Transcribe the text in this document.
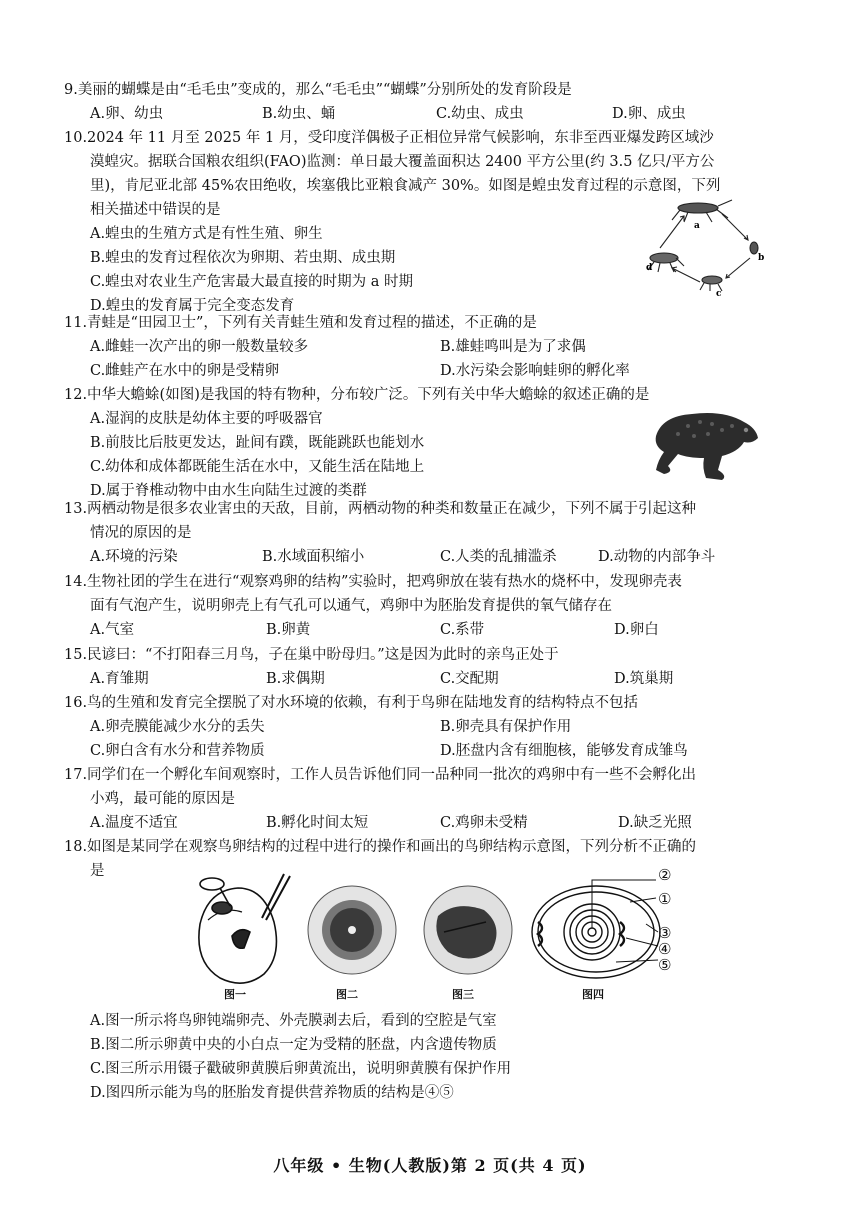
9.美丽的蝴蝶是由“毛毛虫”变成的，那么“毛毛虫”“蝴蝶”分别所处的发育阶段是
A.卵、幼虫	B.幼虫、蛹	C.幼虫、成虫	D.卵、成虫
10.2024 年 11 月至 2025 年 1 月，受印度洋偶极子正相位异常气候影响，东非至西亚爆发跨区域沙
漠蝗灾。据联合国粮农组织(FAO)监测：单日最大覆盖面积达 2400 平方公里(约 3.5 亿只/平方公
里)，肯尼亚北部 45%农田绝收，埃塞俄比亚粮食减产 30%。如图是蝗虫发育过程的示意图，下列
相关描述中错误的是
A.蝗虫的生殖方式是有性生殖、卵生
B.蝗虫的发育过程依次为卵期、若虫期、成虫期
C.蝗虫对农业生产危害最大最直接的时期为 a 时期
D.蝗虫的发育属于完全变态发育
a
b
c
d
11.青蛙是“田园卫士”，下列有关青蛙生殖和发育过程的描述，不正确的是
A.雌蛙一次产出的卵一般数量较多	B.雄蛙鸣叫是为了求偶
C.雌蛙产在水中的卵是受精卵	D.水污染会影响蛙卵的孵化率
12.中华大蟾蜍(如图)是我国的特有物种，分布较广泛。下列有关中华大蟾蜍的叙述正确的是
A.湿润的皮肤是幼体主要的呼吸器官
B.前肢比后肢更发达，趾间有蹼，既能跳跃也能划水
C.幼体和成体都既能生活在水中，又能生活在陆地上
D.属于脊椎动物中由水生向陆生过渡的类群
13.两栖动物是很多农业害虫的天敌，目前，两栖动物的种类和数量正在减少，下列不属于引起这种
情况的原因的是
A.环境的污染	B.水域面积缩小	C.人类的乱捕滥杀	D.动物的内部争斗
14.生物社团的学生在进行“观察鸡卵的结构”实验时，把鸡卵放在装有热水的烧杯中，发现卵壳表
面有气泡产生，说明卵壳上有气孔可以通气，鸡卵中为胚胎发育提供的氧气储存在
A.气室	B.卵黄	C.系带	D.卵白
15.民谚曰：“不打阳春三月鸟，子在巢中盼母归。”这是因为此时的亲鸟正处于
A.育雏期	B.求偶期	C.交配期	D.筑巢期
16.鸟的生殖和发育完全摆脱了对水环境的依赖，有利于鸟卵在陆地发育的结构特点不包括
A.卵壳膜能减少水分的丢失	B.卵壳具有保护作用
C.卵白含有水分和营养物质	D.胚盘内含有细胞核，能够发育成雏鸟
17.同学们在一个孵化车间观察时，工作人员告诉他们同一品种同一批次的鸡卵中有一些不会孵化出
小鸡，最可能的原因是
A.温度不适宜	B.孵化时间太短	C.鸡卵未受精	D.缺乏光照
18.如图是某同学在观察鸟卵结构的过程中进行的操作和画出的鸟卵结构示意图，下列分析不正确的
是	②
①
③
④
⑤
图一	图二	图三	图四
A.图一所示将鸟卵钝端卵壳、外壳膜剥去后，看到的空腔是气室
B.图二所示卵黄中央的小白点一定为受精的胚盘，内含遗传物质
C.图三所示用镊子戳破卵黄膜后卵黄流出，说明卵黄膜有保护作用
D.图四所示能为鸟的胚胎发育提供营养物质的结构是④⑤
八年级 • 生物(人教版)第 2 页(共 4 页)
